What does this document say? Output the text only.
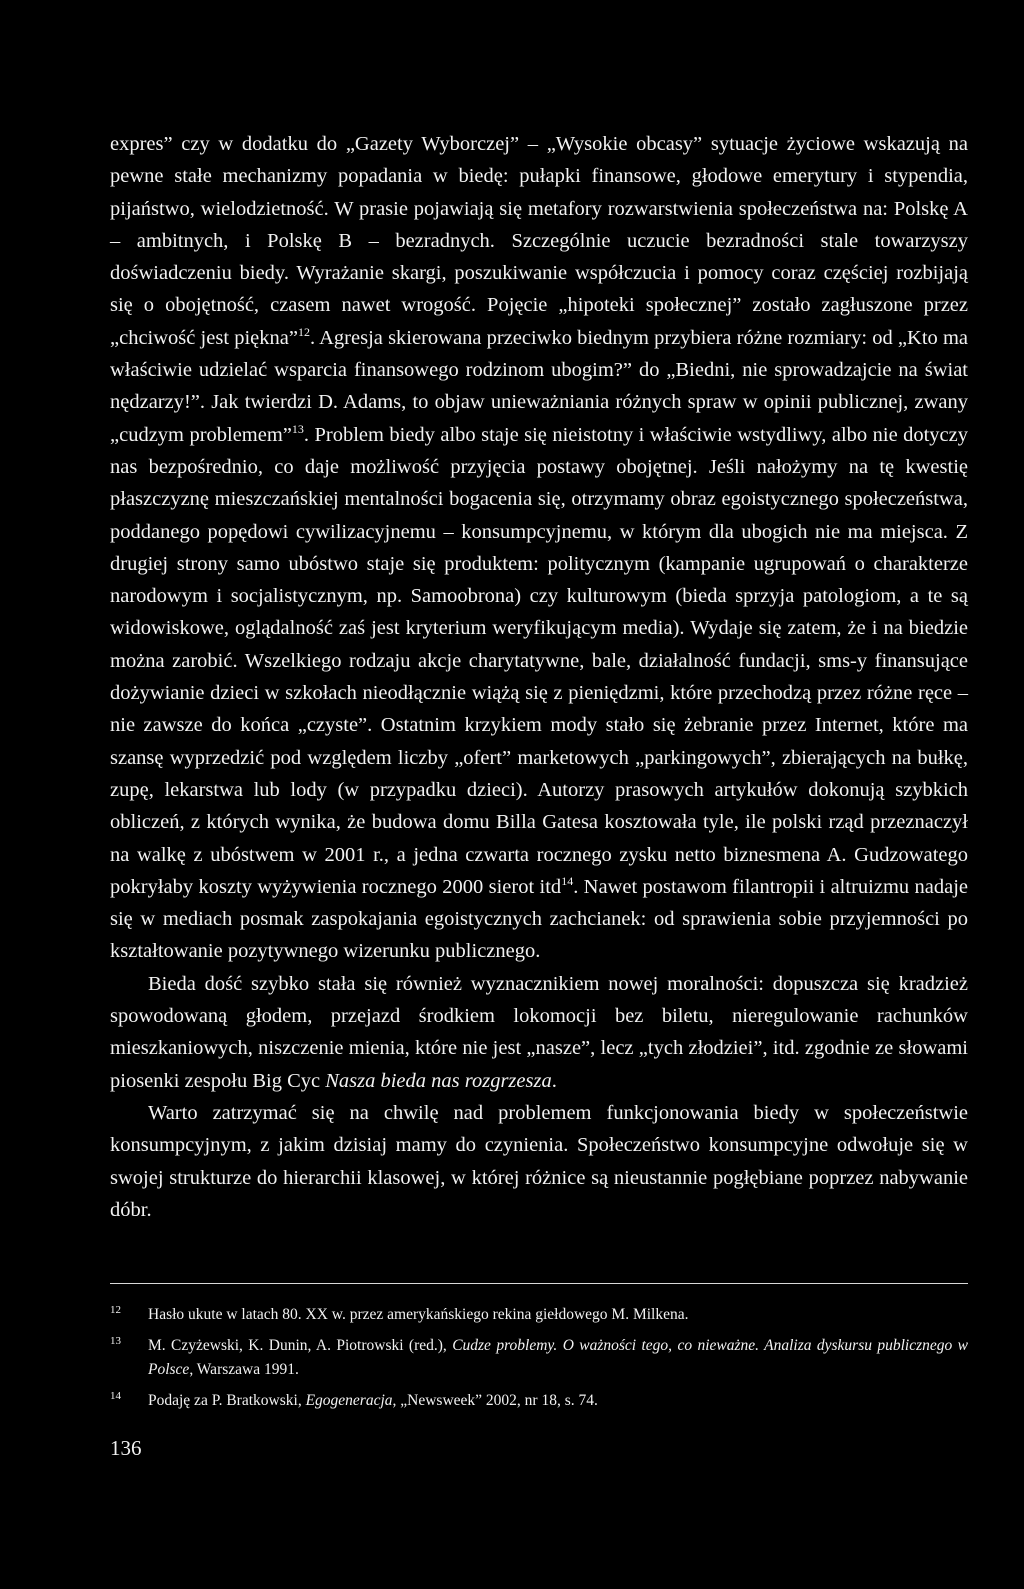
expres” czy w dodatku do „Gazety Wyborczej” – „Wysokie obcasy” sytuacje życiowe wskazują na pewne stałe mechanizmy popadania w biedę: pułapki finansowe, głodowe emerytury i stypendia, pijaństwo, wielodzietność. W prasie pojawiają się metafory rozwarstwienia społeczeństwa na: Polskę A – ambitnych, i Polskę B – bezradnych. Szczególnie uczucie bezradności stale towarzyszy doświadczeniu biedy. Wyrażanie skargi, poszukiwanie współczucia i pomocy coraz częściej rozbijają się o obojętność, czasem nawet wrogość. Pojęcie „hipoteki społecznej” zostało zagłuszone przez „chciwość jest piękna”$^{12}$. Agresja skierowana przeciwko biednym przybiera różne rozmiary: od „Kto ma właściwie udzielać wsparcia finansowego rodzinom ubogim?” do „Biedni, nie sprowadzajcie na świat nędzarzy!”. Jak twierdzi D. Adams, to objaw unieważniania różnych spraw w opinii publicznej, zwany „cudzym problemem”$^{13}$. Problem biedy albo staje się nieistotny i właściwie wstydliwy, albo nie dotyczy nas bezpośrednio, co daje możliwość przyjęcia postawy obojętnej. Jeśli nałożymy na tę kwestię płaszczyznę mieszczańskiej mentalności bogacenia się, otrzymamy obraz egoistycznego społeczeństwa, poddanego popędowi cywilizacyjnemu – konsumpcyjnemu, w którym dla ubogich nie ma miejsca. Z drugiej strony samo ubóstwo staje się produktem: politycznym (kampanie ugrupowań o charakterze narodowym i socjalistycznym, np. Samoobrona) czy kulturowym (bieda sprzyja patologiom, a te są widowiskowe, oglądalność zaś jest kryterium weryfikującym media). Wydaje się zatem, że i na biedzie można zarobić. Wszelkiego rodzaju akcje charytatywne, bale, działalność fundacji, sms-y finansujące dożywianie dzieci w szkołach nieodłącznie wiążą się z pieniędzmi, które przechodzą przez różne ręce – nie zawsze do końca „czyste”. Ostatnim krzykiem mody stało się żebranie przez Internet, które ma szansę wyprzedzić pod względem liczby „ofert” marketowych „parkingowych”, zbierających na bułkę, zupę, lekarstwa lub lody (w przypadku dzieci). Autorzy prasowych artykułów dokonują szybkich obliczeń, z których wynika, że budowa domu Billa Gatesa kosztowała tyle, ile polski rząd przeznaczył na walkę z ubóstwem w 2001 r., a jedna czwarta rocznego zysku netto biznesmena A. Gudzowatego pokryłaby koszty wyżywienia rocznego 2000 sierot itd$^{14}$. Nawet postawom filantropii i altruizmu nadaje się w mediach posmak zaspokajania egoistycznych zachcianek: od sprawienia sobie przyjemności po kształtowanie pozytywnego wizerunku publicznego.

Bieda dość szybko stała się również wyznacznikiem nowej moralności: dopuszcza się kradzież spowodowaną głodem, przejazd środkiem lokomocji bez biletu, nieregulowanie rachunków mieszkaniowych, niszczenie mienia, które nie jest „nasze”, lecz „tych złodziei”, itd. zgodnie ze słowami piosenki zespołu Big Cyc Nasza bieda nas rozgrzesza.

Warto zatrzymać się na chwilę nad problemem funkcjonowania biedy w społeczeństwie konsumpcyjnym, z jakim dzisiaj mamy do czynienia. Społeczeństwo konsumpcyjne odwołuje się w swojej strukturze do hierarchii klasowej, w której różnice są nieustannie pogłębiane poprzez nabywanie dóbr.

12 Hasło ukute w latach 80. XX w. przez amerykańskiego rekina giełdowego M. Milkena.

13 M. Czyżewski, K. Dunin, A. Piotrowski (red.), Cudze problemy. O ważności tego, co nieważne. Analiza dyskursu publicznego w Polsce, Warszawa 1991.

14 Podaję za P. Bratkowski, Egogeneracja, „Newsweek” 2002, nr 18, s. 74.

136
